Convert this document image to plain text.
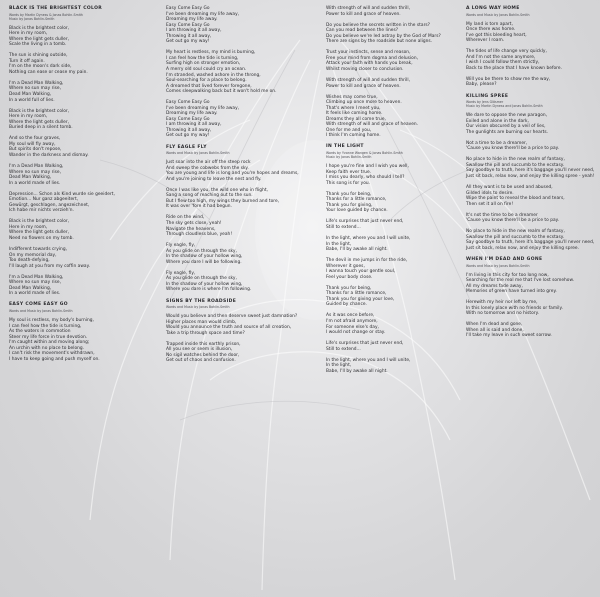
BLACK IS THE BRIGHTEST COLOR
Words by Martin Dyness & Jonas Bohlin-Smith
Music by Jonas Bohlin-Smith
Black is the brightest color,
Here in my room,
Where the light gets duller,
Scale the living in a tomb.
The sun is shining outside,
Turn it off again.
I'm on the moon's dark side,
Nothing can ease or cease my pain.
I'm a Dead Man Walking,
Where no sun may rise,
Dead Man Walking,
In a world full of lies.
Black is the brightest color,
Here in my room,
Where the light gets duller,
Buried deep in a silent tomb.
And so the four graves,
My soul will fly away,
But spirits don't repose,
Wander in the darkness and dismay.
I'm a Dead Man Walking,
Where no sun may rise,
Dead Man Walking,
In a world made of lies.
Depression... Schon als Kind wurde sie geeidert,
Emotion... Nur ganz abgeeitert,
Gewürgt, geschlagen, angezeichnet,
Ich habe mir nichts verzieh'n.
Black is the brightest color,
Here in my room,
Where the light gets duller,
Need no flowers on my tomb.
Indifferent towards crying,
On my memorial day,
Too death-defying,
I'll laugh at you from my coffin away.
I'm a Dead Man Walking,
Where no sun may rise,
Dead Man Walking,
In a world made of lies.
EASY COME EASY GO
Words and Music by Jonas Bohlin-Smith
My soul is restless, my body's burning,
I can feel how the tide is turning,
As the waters in commotion
Steer my life force in true devotion.
I'm caught within and moving along;
An urchin with no place to belong.
I can't risk the movement's withdrawn,
I have to keep going and push myself on.
Easy Come Easy Go
I've been dreaming my life away,
Dreaming my life away.
Easy Come Easy Go
I am throwing it all away,
Throwing it all away,
Get out go my way!
My heart is restless, my mind is burning,
I can feel how the tide is turning,
Surfing high on stronger emotion,
A merry old soul could cry an ocean.
I'm stranded, washed ashore in the throng,
Soul-searching for a place to belong.
A dreamed that lived forever foregone,
Comes sleepwalking back but it won't hold me on.
Easy Come Easy Go
I've been dreaming my life away,
Dreaming my life away.
Easy Come Easy Go
I am throwing it all away,
Throwing it all away,
Get out go my way!
FLY EAGLE FLY
Words and Music by Jonas Bohlin-Smith
Just soar into the air off the steep rock
And sweep the cobwebs from the sky.
You are young and life is long and you're hopes and dreams,
And you're joining to leave the nest and fly.
Once I was like you, the wild one who in flight,
Sang a song of reaching out to the sun.
But I flew too high, my wings they burned and tore,
It was over 'fore it had begun.
Ride on the wind,
The sky gets close, yeah!
Navigate the heavens,
Through cloudless blue, yeah!
Fly eagle, fly,
As you glide on through the sky,
In the shadow of your hollow wing,
Where you dare I will be following.
Fly eagle, fly,
As you glide on through the sky,
In the shadow of your hollow wing,
Where you dare is where I'm following.
SIGNS BY THE ROADSIDE
Words and Music by Jonas Bohlin-Smith
Would you believe and then deserve sweet just damnation?
Higher places man would climb,
Would you announce the truth and source of all creation,
Take a trip through space and time?
Trapped inside this earthly prison,
All you see or seem is illusion,
No sigil watches behind the door,
Get out of chaos and confusion.
With strength of will and sudden thrill,
Power to kill and grace of heaven.
Do you believe the secrets written in the stars?
Can you read between the lines?
Do you believe we're led astray by the God of Mars?
There are signs by the roadside but none aligns.
Trust your instincts, sense and reason,
Free your mind from dogma and delusion,
Attack your faith with hands you break,
Whilst moving closer to conclusion.
With strength of will and sudden thrill,
Power to kill and grace of heaven.
Wishes may come true,
Climbing up once more to heaven.
That's where I meet you,
It feels like coming home.
Dreams they all come true,
With strength of will and grace of heaven.
One for me and you,
I think I'm coming home.
IN THE LIGHT
Words by Yvonne Wangen & Jonas Bohlin-Smith
Music by Jonas Bohlin-Smith
I hope you're fine and I wish you well,
Keep faith ever true.
I miss you dearly, who should I tell?
This song is for you.
Thank you for being,
Thanks for a little romance,
Thank you for giving,
Your love guided by chance.
Life's surprises that just never end,
Still to extend...
In the light, where you and I will unite,
In the light,
Babe, I'll by awake all night.
The devil in me jumps in for the ride,
Wherever it goes,
I wanna touch your gentle soul,
Feel your body close.
Thank you for being,
Thanks for a little romance,
Thank you for giving your love,
Guided by chance.
As it was once before,
I'm not afraid anymore,
For someone else's day,
I would not change or stay.
Life's surprises that just never end,
Still to extend...
In the light, where you and I will unite,
In the light,
Babe, I'll by awake all night.
A LONG WAY HOME
Words and Music by Jonas Bohlin-Smith
My land is torn apart,
Once there was home.
I've got this bleeding heart,
Wherever I roam.
The tides of life change very quickly,
And I'm not the same anymore,
I wish I could follow them strictly,
Back to the place that I have known before.
Will you be there to show me the way,
Baby, please?
KILLING SPREE
Words by Jens Gläsmer
Music by Martin Dyness and Jonas Bohlin-Smith
We dare to oppose the new paragon,
Exiled and alone in the dark,
Our vision obscured by a veil of lies,
The gunlights are burning our hearts.
Not a time to be a dreamer,
'Cause you know there'll be a price to pay.
No place to hide in the new realm of fantasy,
Swallow the pill and succumb to the ecstasy.
Say goodbye to truth, here it's baggage you'll never need,
Just sit back, relax now, and enjoy the killing spree - yeah!
All they want is to be used and abused,
Gilded idols to desire.
Wipe the paint to reveal the blood and tears,
Then set it all on fire!
It's not the time to be a dreamer
'Cause you know there'll be a price to pay.
No place to hide in the new realm of fantasy,
Swallow the pill and succumb to the ecstasy.
Say goodbye to truth, here it's baggage you'll never need,
Just sit back, relax now, and enjoy the killing spree.
WHEN I'M DEAD AND GONE
Words and Music by Jonas Bohlin-Smith
I'm living in this city for too long now,
Searching for the real me that I've lost somehow.
All my dreams fade away,
Memories of green have turned into grey.
Herewith my heir nor left by me,
In this lonely place with no friends or family.
With no tomorrow and no history.
When I'm dead and gone,
When all is said and done,
I'll take my leave in such sweet sorrow.
